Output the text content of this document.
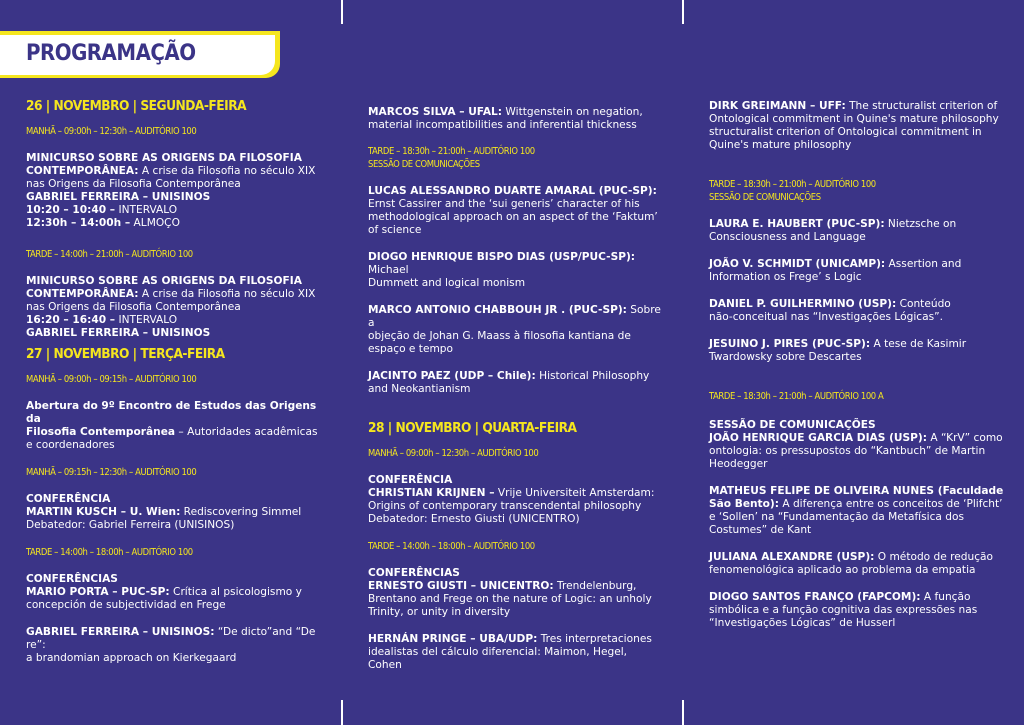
PROGRAMAÇÃO
26 | NOVEMBRO | SEGUNDA-FEIRA
MANHÃ – 09:00h – 12:30h – AUDITÓRIO 100
MINICURSO SOBRE AS ORIGENS DA FILOSOFIA
CONTEMPORÂNEA: A crise da Filosofia no século XIX
nas Origens da Filosofia Contemporânea
GABRIEL FERREIRA – UNISINOS
10:20 – 10:40 – INTERVALO
12:30h – 14:00h – ALMOÇO
TARDE – 14:00h – 21:00h – AUDITÓRIO 100
MINICURSO SOBRE AS ORIGENS DA FILOSOFIA
CONTEMPORÂNEA: A crise da Filosofia no século XIX
nas Origens da Filosofia Contemporânea
16:20 – 16:40 – INTERVALO
GABRIEL FERREIRA – UNISINOS
27 | NOVEMBRO | TERÇA-FEIRA
MANHÃ – 09:00h – 09:15h – AUDITÓRIO 100
Abertura do 9º Encontro de Estudos das Origens da
Filosofia Contemporânea – Autoridades acadêmicas
e coordenadores
MANHÃ – 09:15h – 12:30h – AUDITÓRIO 100
CONFERÊNCIA
MARTIN KUSCH – U. Wien: Rediscovering Simmel
Debatedor: Gabriel Ferreira (UNISINOS)
TARDE – 14:00h – 18:00h – AUDITÓRIO 100
CONFERÊNCIAS
MARIO PORTA – PUC-SP: Crítica al psicologismo y
concepción de subjectividad en Frege
GABRIEL FERREIRA – UNISINOS: “De dicto”and “De re”:
a brandomian approach on Kierkegaard
MARCOS SILVA – UFAL: Wittgenstein on negation,
material incompatibilities and inferential thickness
TARDE – 18:30h – 21:00h – AUDITÓRIO 100
SESSÃO DE COMUNICAÇÕES
LUCAS ALESSANDRO DUARTE AMARAL (PUC-SP):
Ernst Cassirer and the ‘sui generis’ character of his
methodological approach on an aspect of the ‘Faktum’
of science
DIOGO HENRIQUE BISPO DIAS (USP/PUC-SP): Michael
Dummett and logical monism
MARCO ANTONIO CHABBOUH JR . (PUC-SP): Sobre a
objeção de Johan G. Maass à filosofia kantiana de
espaço e tempo
JACINTO PAEZ (UDP – Chile): Historical Philosophy
and Neokantianism
28 | NOVEMBRO | QUARTA-FEIRA
MANHÃ – 09:00h – 12:30h – AUDITÓRIO 100
CONFERÊNCIA
CHRISTIAN KRIJNEN – Vrije Universiteit Amsterdam:
Origins of contemporary transcendental philosophy
Debatedor: Ernesto Giusti (UNICENTRO)
TARDE – 14:00h – 18:00h – AUDITÓRIO 100
CONFERÊNCIAS
ERNESTO GIUSTI – UNICENTRO: Trendelenburg,
Brentano and Frege on the nature of Logic: an unholy
Trinity, or unity in diversity
HERNÁN PRINGE – UBA/UDP: Tres interpretaciones
idealistas del cálculo diferencial: Maimon, Hegel,
Cohen
DIRK GREIMANN – UFF: The structuralist criterion of
Ontological commitment in Quine's mature philosophy
structuralist criterion of Ontological commitment in
Quine's mature philosophy
TARDE – 18:30h – 21:00h – AUDITÓRIO 100
SESSÃO DE COMUNICAÇÕES
LAURA E. HAUBERT (PUC-SP): Nietzsche on
Consciousness and Language
JOÃO V. SCHMIDT (UNICAMP): Assertion and
Information os Frege’ s Logic
DANIEL P. GUILHERMINO (USP): Conteúdo
não-conceitual nas “Investigações Lógicas”.
JESUINO J. PIRES (PUC-SP): A tese de Kasimir
Twardowsky sobre Descartes
TARDE – 18:30h – 21:00h – AUDITÓRIO 100 A
SESSÃO DE COMUNICAÇÕES
JOÃO HENRIQUE GARCIA DIAS (USP): A “KrV” como
ontologia: os pressupostos do “Kantbuch” de Martin
Heodegger
MATHEUS FELIPE DE OLIVEIRA NUNES (Faculdade
São Bento): A diferença entre os conceitos de ‘Plifcht’
e ‘Sollen’ na “Fundamentação da Metafísica dos
Costumes” de Kant
JULIANA ALEXANDRE (USP): O método de redução
fenomenológica aplicado ao problema da empatia
DIOGO SANTOS FRANÇO (FAPCOM): A função
simbólica e a função cognitiva das expressões nas
“Investigações Lógicas” de Husserl
